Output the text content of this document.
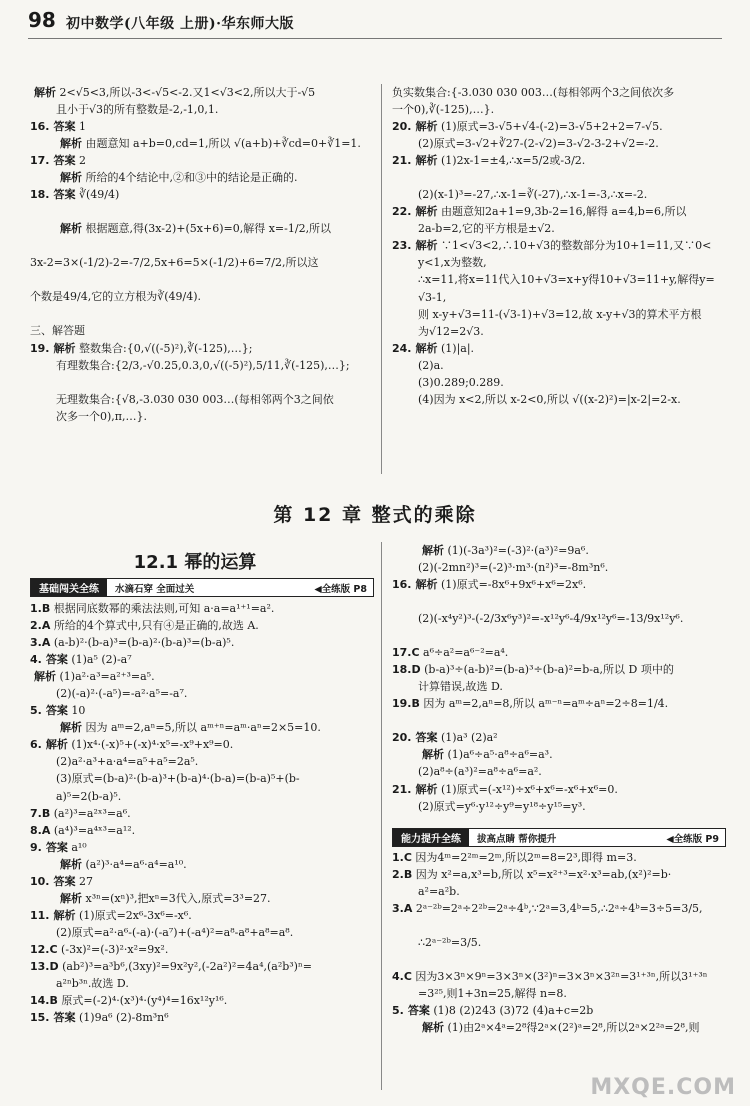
98 初中数学(八年级 上册)·华东师大版
解析 2<√5<3,所以-3<-√5<-2.又1<√3<2,所以大于-√5
且小于√3的所有整数是-2,-1,0,1.
16. 答案 1
解析 由题意知 a+b=0,cd=1,所以 √(a+b)+∛cd=0+∛1=1.
17. 答案 2
解析 所给的4个结论中,②和③中的结论是正确的.
18. 答案 ∛(49/4)
解析 根据题意,得(3x-2)+(5x+6)=0,解得 x=-1/2,所以
3x-2=3×(-1/2)-2=-7/2,5x+6=5×(-1/2)+6=7/2,所以这
个数是49/4,它的立方根为∛(49/4).
三、解答题
19. 解析 整数集合:{0,√((-5)²),∛(-125),…};
有理数集合:{2/3,-√0.25,0.3,0,√((-5)²),5/11,∛(-125),…};
无理数集合:{√8,-3.030 030 003…(每相邻两个3之间依
次多一个0),π,…}.
负实数集合:{-3.030 030 003…(每相邻两个3之间依次多
一个0),∛(-125),…}.
20. 解析 (1)原式=3-√5+√4-(-2)=3-√5+2+2=7-√5.
(2)原式=3-√2+∛27-(2-√2)=3-√2-3-2+√2=-2.
21. 解析 (1)2x-1=±4,∴x=5/2或-3/2.
(2)(x-1)³=-27,∴x-1=∛(-27),∴x-1=-3,∴x=-2.
22. 解析 由题意知2a+1=9,3b-2=16,解得 a=4,b=6,所以
2a-b=2,它的平方根是±√2.
23. 解析 ∵1<√3<2,∴10+√3的整数部分为10+1=11,又∵0<
y<1,x为整数,
∴x=11,将x=11代入10+√3=x+y得10+√3=11+y,解得y=
√3-1,
则 x-y+√3=11-(√3-1)+√3=12,故 x-y+√3的算术平方根
为√12=2√3.
24. 解析 (1)|a|.
(2)a.
(3)0.289;0.289.
(4)因为 x<2,所以 x-2<0,所以 √((x-2)²)=|x-2|=2-x.
第 12 章 整式的乘除
12.1 幂的运算
基础闯关全练	水滴石穿 全面过关	◀全练版 P8
1.B 根据同底数幂的乘法法则,可知 a·a=a¹⁺¹=a².
2.A 所给的4个算式中,只有④是正确的,故选 A.
3.A (a-b)²·(b-a)³=(b-a)²·(b-a)³=(b-a)⁵.
4. 答案 (1)a⁵ (2)-a⁷
解析 (1)a²·a³=a²⁺³=a⁵.
(2)(-a)²·(-a⁵)=-a²·a⁵=-a⁷.
5. 答案 10
解析 因为 aᵐ=2,aⁿ=5,所以 aᵐ⁺ⁿ=aᵐ·aⁿ=2×5=10.
6. 解析 (1)x⁴·(-x)⁵+(-x)⁴·x⁵=-x⁹+x⁹=0.
(2)a²·a³+a·a⁴=a⁵+a⁵=2a⁵.
(3)原式=(b-a)²·(b-a)³+(b-a)⁴·(b-a)=(b-a)⁵+(b-
a)⁵=2(b-a)⁵.
7.B (a²)³=a²ˣ³=a⁶.
8.A (a⁴)³=a⁴ˣ³=a¹².
9. 答案 a¹⁰
解析 (a²)³·a⁴=a⁶·a⁴=a¹⁰.
10. 答案 27
解析 x³ⁿ=(xⁿ)³,把xⁿ=3代入,原式=3³=27.
11. 解析 (1)原式=2x⁶-3x⁶=-x⁶.
(2)原式=a²·a⁶-(-a)·(-a⁷)+(-a⁴)²=a⁸-a⁸+a⁸=a⁸.
12.C (-3x)²=(-3)²·x²=9x².
13.D (ab²)³=a³b⁶,(3xy)²=9x²y²,(-2a²)²=4a⁴,(a²b³)ⁿ=
a²ⁿb³ⁿ.故选 D.
14.B 原式=(-2)⁴·(x³)⁴·(y⁴)⁴=16x¹²y¹⁶.
15. 答案 (1)9a⁶ (2)-8m³n⁶
解析 (1)(-3a³)²=(-3)²·(a³)²=9a⁶.
(2)(-2mn²)³=(-2)³·m³·(n²)³=-8m³n⁶.
16. 解析 (1)原式=-8x⁶+9x⁶+x⁶=2x⁶.
(2)(-x⁴y²)³-(-2/3x⁶y³)²=-x¹²y⁶-4/9x¹²y⁶=-13/9x¹²y⁶.
17.C a⁶÷a²=a⁶⁻²=a⁴.
18.D (b-a)³÷(a-b)²=(b-a)³÷(b-a)²=b-a,所以 D 项中的
计算错误,故选 D.
19.B 因为 aᵐ=2,aⁿ=8,所以 aᵐ⁻ⁿ=aᵐ÷aⁿ=2÷8=1/4.
20. 答案 (1)a³ (2)a²
解析 (1)a⁶÷a⁵·a⁸÷a⁶=a³.
(2)a⁸÷(a³)²=a⁸÷a⁶=a².
21. 解析 (1)原式=(-x¹²)÷x⁶+x⁶=-x⁶+x⁶=0.
(2)原式=y⁶·y¹²÷y⁹=y¹⁸÷y¹⁵=y³.
1.C 因为4ᵐ=2²ᵐ=2ᵐ,所以2ᵐ=8=2³,即得 m=3.
2.B 因为 x²=a,x³=b,所以 x⁵=x²⁺³=x²·x³=ab,(x²)²=b·
a²=a²b.
3.A 2ᵃ⁻²ᵇ=2ᵃ÷2²ᵇ=2ᵃ÷4ᵇ,∵2ᵃ=3,4ᵇ=5,∴2ᵃ÷4ᵇ=3÷5=3/5,
∴2ᵃ⁻²ᵇ=3/5.
4.C 因为3×3ⁿ×9ⁿ=3×3ⁿ×(3²)ⁿ=3×3ⁿ×3²ⁿ=3¹⁺³ⁿ,所以3¹⁺³ⁿ
=3²⁵,则1+3n=25,解得 n=8.
5. 答案 (1)8 (2)243 (3)72 (4)a+c=2b
解析 (1)由2ᵃ×4ᵃ=2⁸得2ᵃ×(2²)ᵃ=2⁸,所以2ᵃ×2²ᵃ=2⁸,则
能力提升全练	拔高点睛 帮你提升	◀全练版 P9
MXQE.COM
